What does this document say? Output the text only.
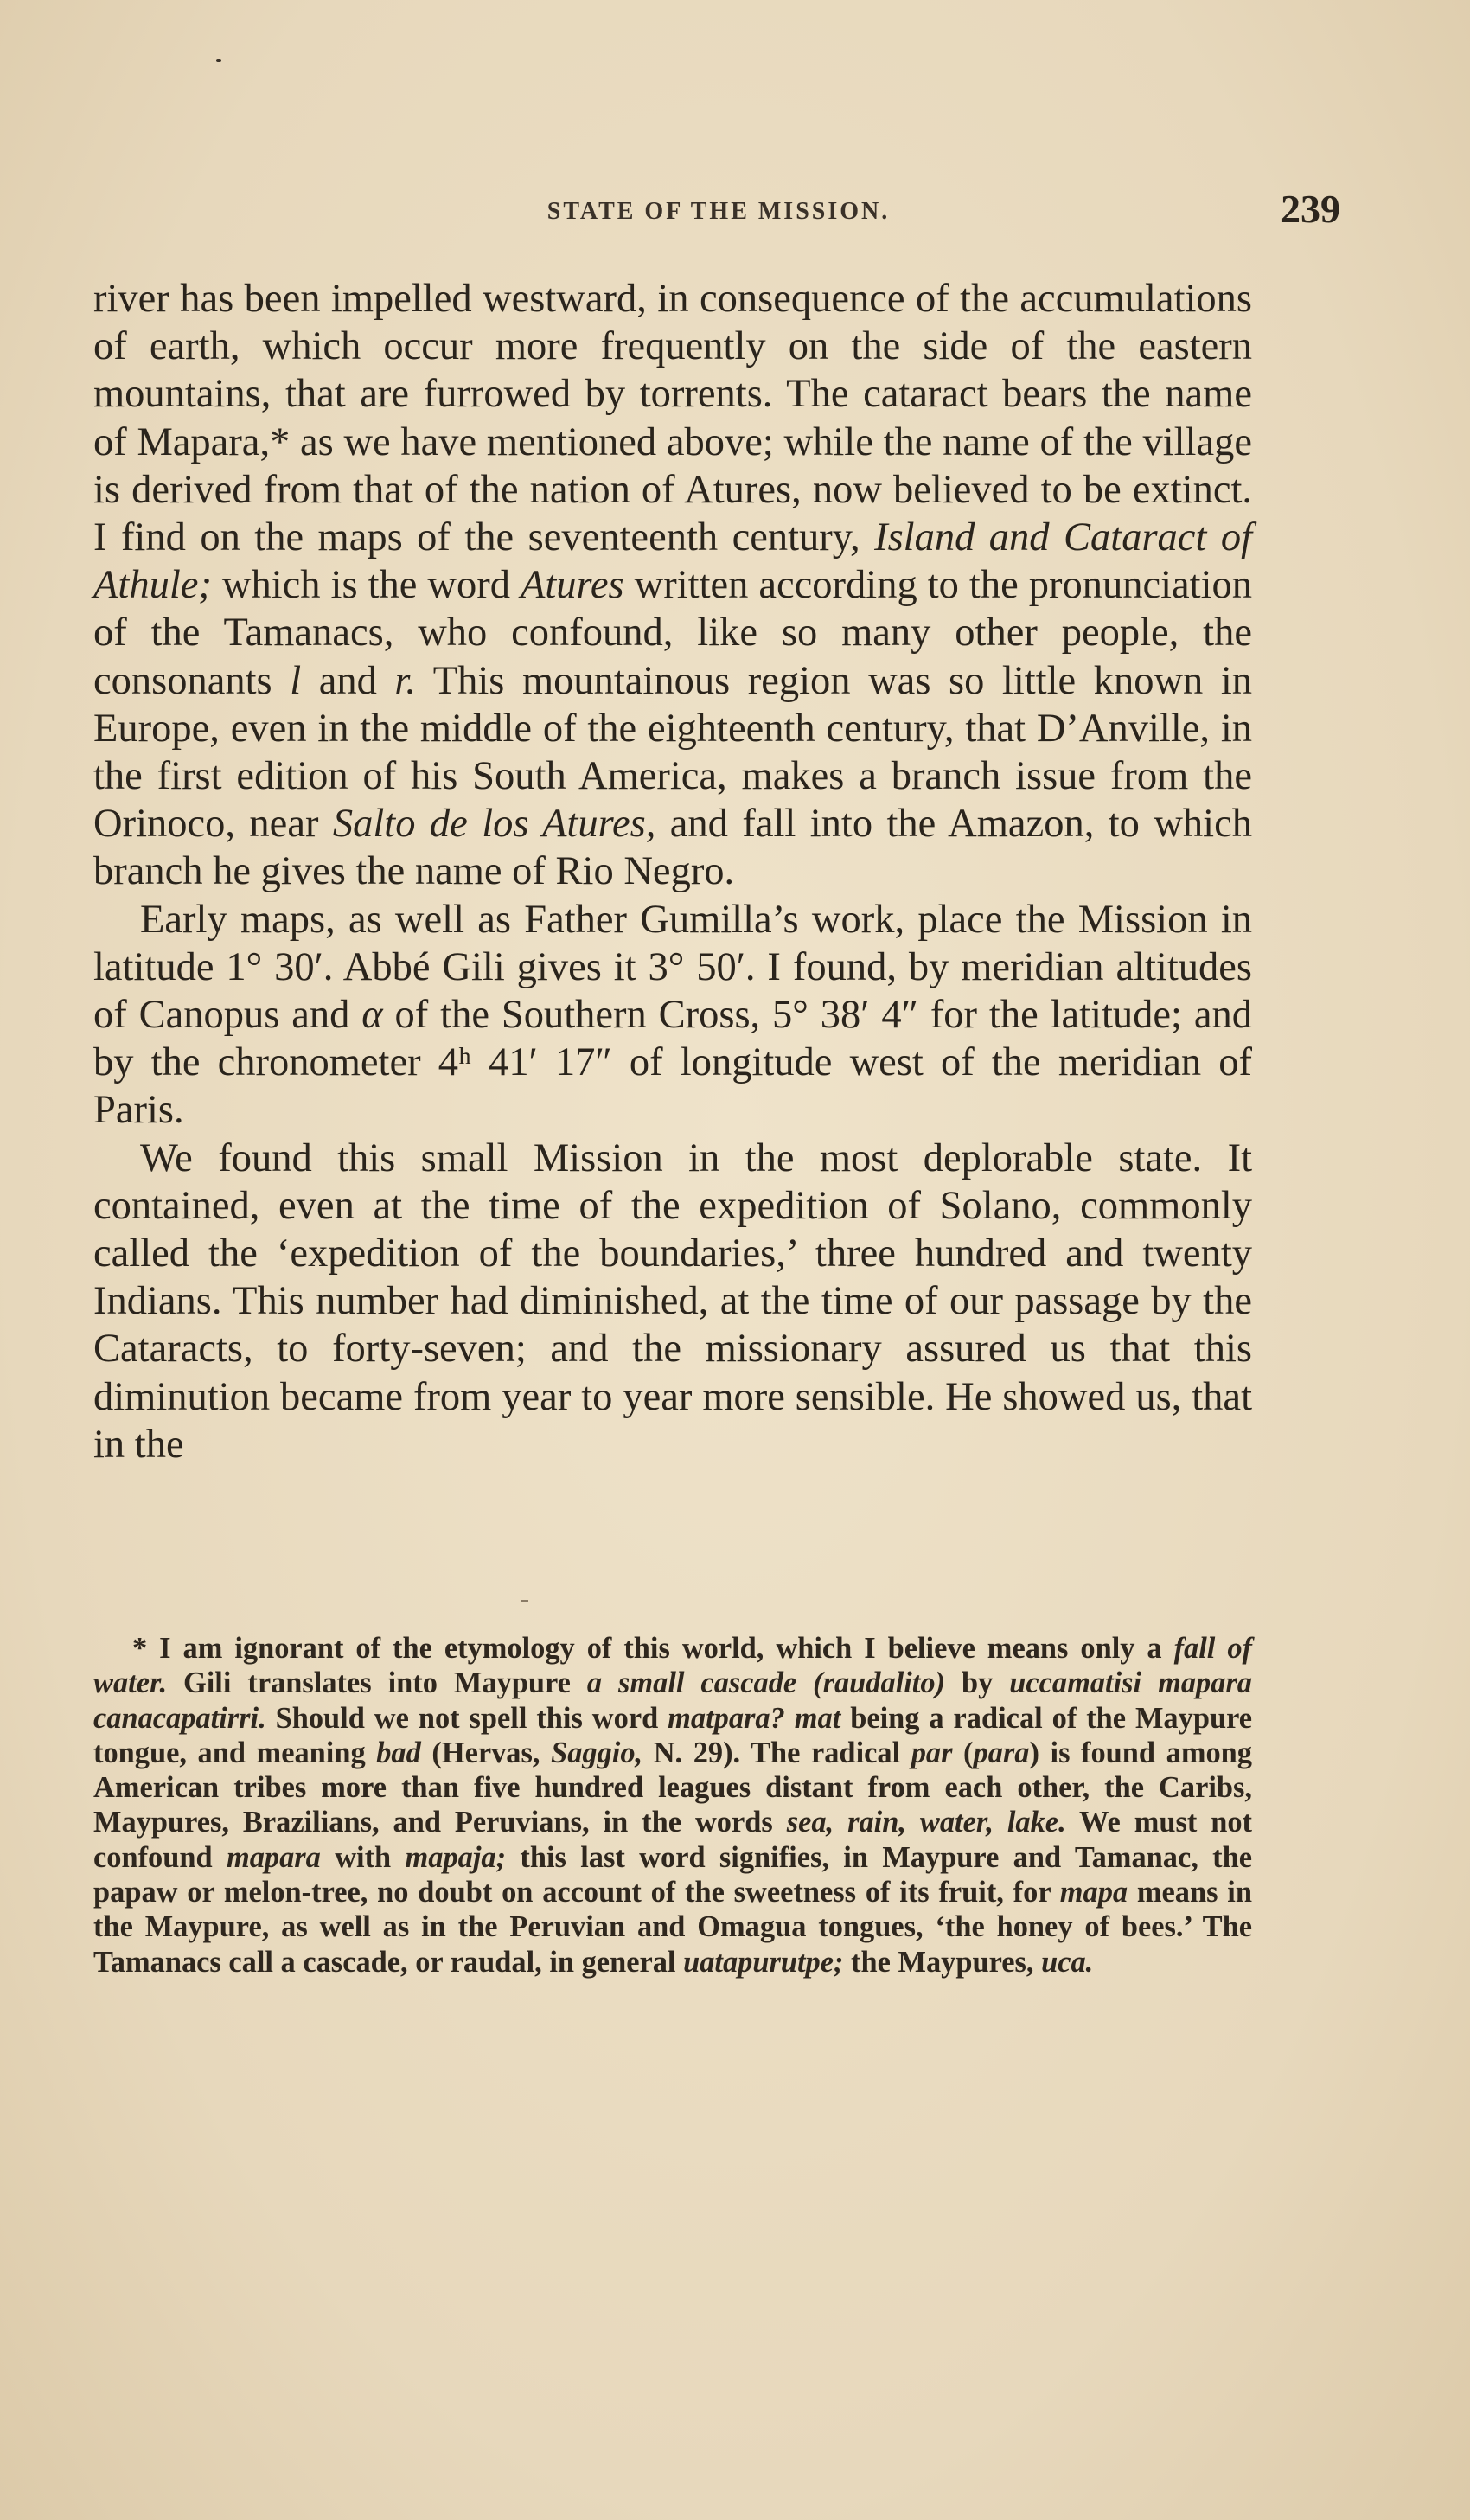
STATE OF THE MISSION.	239

river has been impelled westward, in consequence of the accumulations of earth, which occur more frequently on the side of the eastern mountains, that are furrowed by torrents. The cataract bears the name of Mapara,* as we have mentioned above; while the name of the village is derived from that of the nation of Atures, now believed to be extinct. I find on the maps of the seventeenth century, Island and Cataract of Athule; which is the word Atures written according to the pronunciation of the Tamanacs, who confound, like so many other people, the consonants l and r. This mountainous region was so little known in Europe, even in the middle of the eighteenth century, that D’Anville, in the first edition of his South America, makes a branch issue from the Orinoco, near Salto de los Atures, and fall into the Amazon, to which branch he gives the name of Rio Negro.

Early maps, as well as Father Gumilla’s work, place the Mission in latitude 1° 30′. Abbé Gili gives it 3° 50′. I found, by meridian altitudes of Canopus and α of the Southern Cross, 5° 38′ 4″ for the latitude; and by the chronometer 4ʰ 41′ 17″ of longitude west of the meridian of Paris.

We found this small Mission in the most deplorable state. It contained, even at the time of the expedition of Solano, commonly called the ‘expedition of the boundaries,’ three hundred and twenty Indians. This number had diminished, at the time of our passage by the Cataracts, to forty-seven; and the missionary assured us that this diminution became from year to year more sensible. He showed us, that in the

* I am ignorant of the etymology of this world, which I believe means only a fall of water. Gili translates into Maypure a small cascade (raudalito) by uccamatisi mapara canacapatirri. Should we not spell this word matpara? mat being a radical of the Maypure tongue, and meaning bad (Hervas, Saggio, N. 29). The radical par (para) is found among American tribes more than five hundred leagues distant from each other, the Caribs, Maypures, Brazilians, and Peruvians, in the words sea, rain, water, lake. We must not confound mapara with mapaja; this last word signifies, in Maypure and Tamanac, the papaw or melon-tree, no doubt on account of the sweetness of its fruit, for mapa means in the Maypure, as well as in the Peruvian and Omagua tongues, ‘the honey of bees.’ The Tamanacs call a cascade, or raudal, in general uatapurutpe; the Maypures, uca.
